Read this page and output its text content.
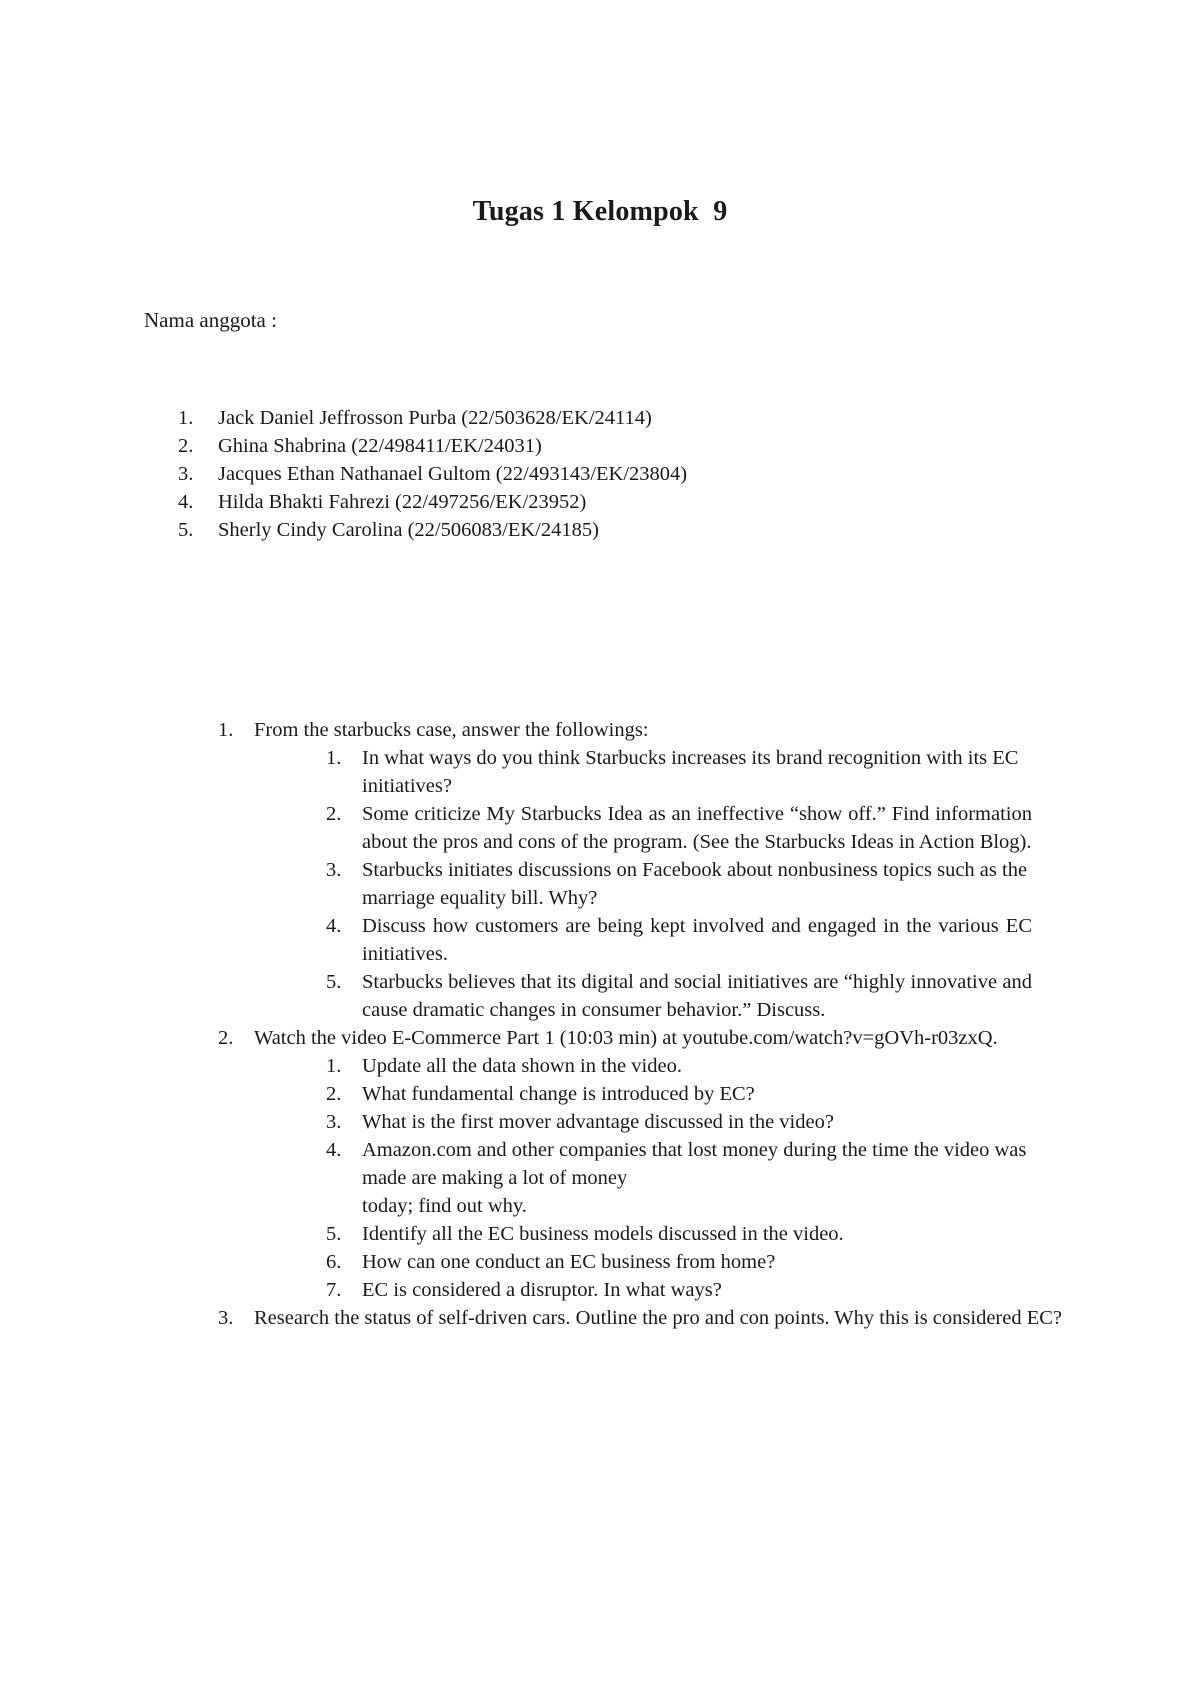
Tugas 1 Kelompok  9
Nama anggota :
1.	Jack Daniel Jeffrosson Purba (22/503628/EK/24114)
2.	Ghina Shabrina (22/498411/EK/24031)
3.	Jacques Ethan Nathanael Gultom (22/493143/EK/23804)
4.	Hilda Bhakti Fahrezi (22/497256/EK/23952)
5.	Sherly Cindy Carolina (22/506083/EK/24185)
1.	From the starbucks case, answer the followings:
1.	In what ways do you think Starbucks increases its brand recognition with its EC initiatives?
2.	Some criticize My Starbucks Idea as an ineffective “show off.” Find information about the pros and cons of the program. (See the Starbucks Ideas in Action Blog).
3.	Starbucks initiates discussions on Facebook about nonbusiness topics such as the marriage equality bill. Why?
4.	Discuss how customers are being kept involved and engaged in the various EC initiatives.
5.	Starbucks believes that its digital and social initiatives are “highly innovative and cause dramatic changes in consumer behavior.” Discuss.
2.	Watch the video E-Commerce Part 1 (10:03 min) at youtube.com/watch?v=gOVh-r03zxQ.
1.	Update all the data shown in the video.
2.	What fundamental change is introduced by EC?
3.	What is the first mover advantage discussed in the video?
4.	Amazon.com and other companies that lost money during the time the video was made are making a lot of money
today; find out why.
5.	Identify all the EC business models discussed in the video.
6.	How can one conduct an EC business from home?
7.	EC is considered a disruptor. In what ways?
3.	Research the status of self-driven cars. Outline the pro and con points. Why this is considered EC?
